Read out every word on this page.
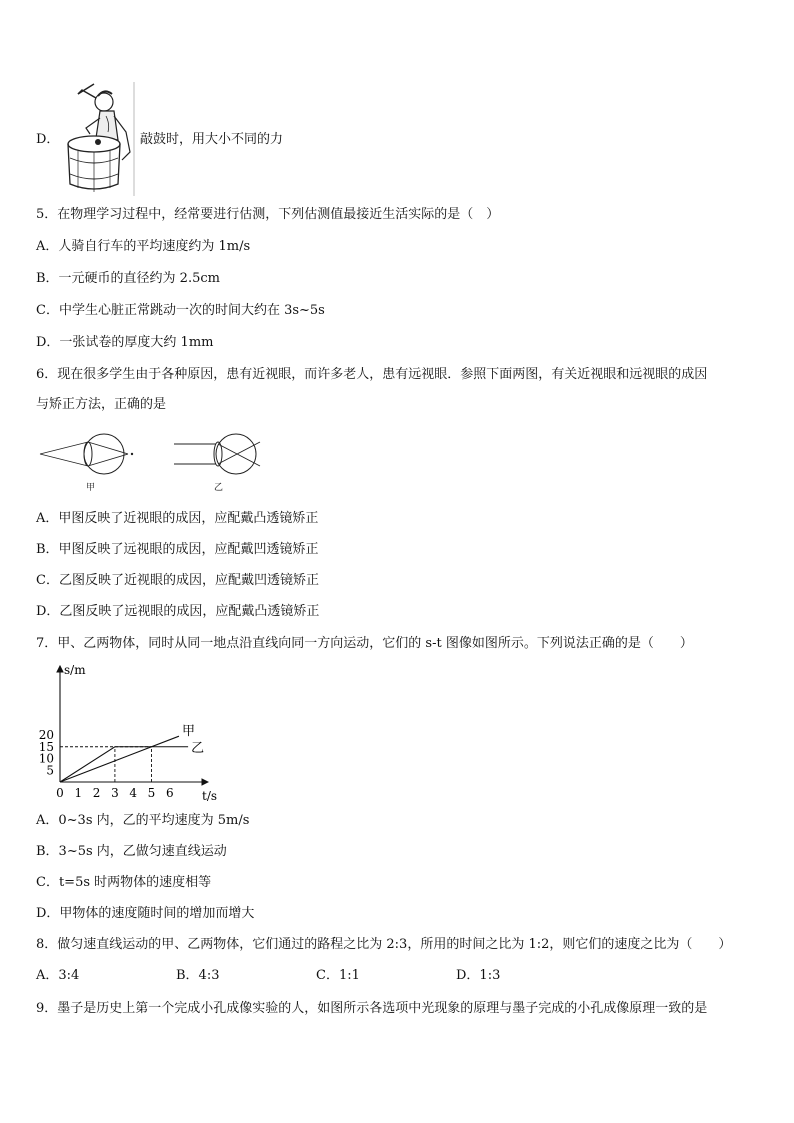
D．	敲鼓时，用大小不同的力
5．在物理学习过程中，经常要进行估测，下列估测值最接近生活实际的是（　）
A．人骑自行车的平均速度约为 1m/s
B．一元硬币的直径约为 2.5cm
C．中学生心脏正常跳动一次的时间大约在 3s~5s
D．一张试卷的厚度大约 1mm
6．现在很多学生由于各种原因，患有近视眼，而许多老人，患有远视眼．参照下面两图，有关近视眼和远视眼的成因
与矫正方法，正确的是
甲	乙
A．甲图反映了近视眼的成因，应配戴凸透镜矫正
B．甲图反映了远视眼的成因，应配戴凹透镜矫正
C．乙图反映了近视眼的成因，应配戴凹透镜矫正
D．乙图反映了远视眼的成因，应配戴凸透镜矫正
7．甲、乙两物体，同时从同一地点沿直线向同一方向运动，它们的 s-t 图像如图所示。下列说法正确的是（　　）
s/m
t/s
0 1 2 3 4 5 6
5
10
15
20	甲
乙
A．0~3s 内，乙的平均速度为 5m/s
B．3~5s 内，乙做匀速直线运动
C．t=5s 时两物体的速度相等
D．甲物体的速度随时间的增加而增大
8．做匀速直线运动的甲、乙两物体，它们通过的路程之比为 2:3，所用的时间之比为 1:2，则它们的速度之比为（　　）
A．3:4	B．4:3	C．1:1	D．1:3
9．墨子是历史上第一个完成小孔成像实验的人，如图所示各选项中光现象的原理与墨子完成的小孔成像原理一致的是
